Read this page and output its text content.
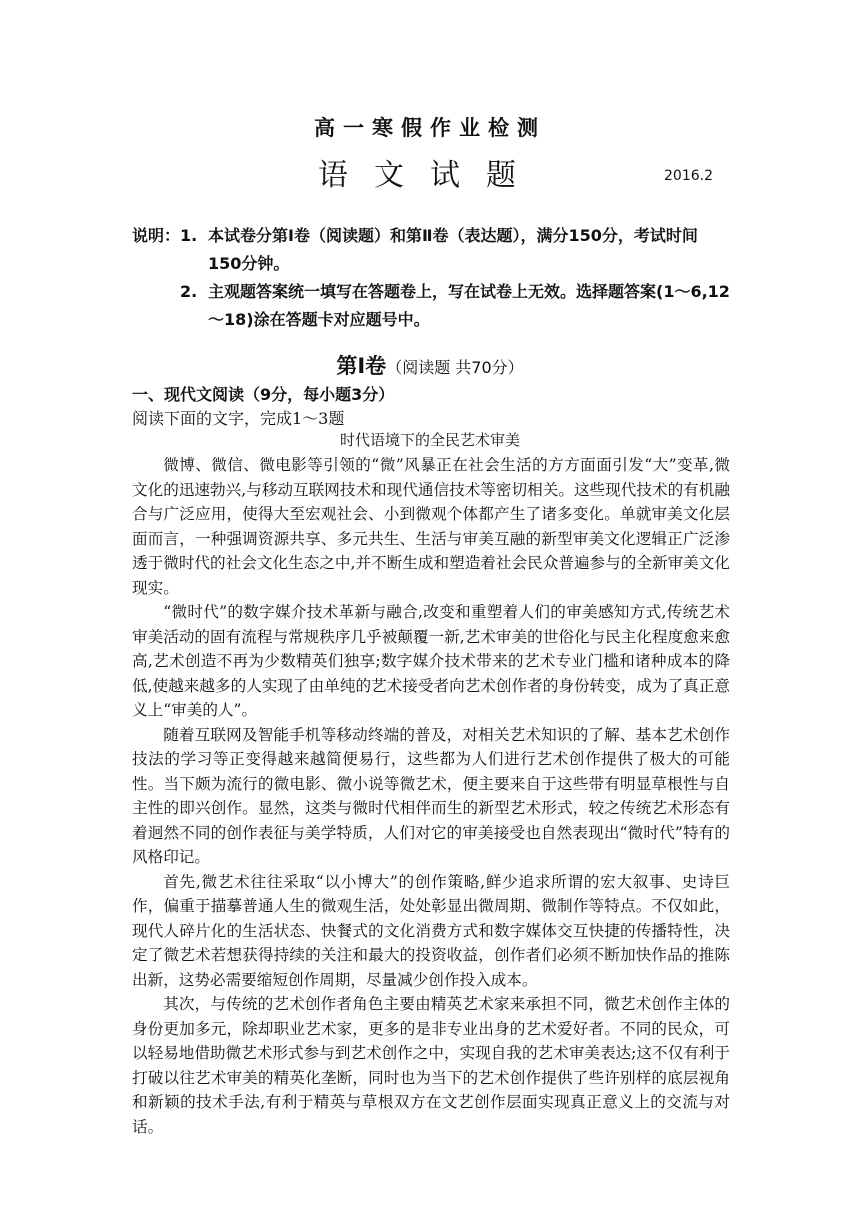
高一寒假作业检测
语文试题	2016.2
说明： 1. 本试卷分第Ⅰ卷（阅读题）和第Ⅱ卷（表达题），满分150分，考试时间150分钟。
2. 主观题答案统一填写在答题卷上，写在试卷上无效。选择题答案(1～6,12～18)涂在答题卡对应题号中。
第Ⅰ卷（阅读题 共70分）
一、现代文阅读（9分，每小题3分）
阅读下面的文字，完成1～3题
时代语境下的全民艺术审美

微博、微信、微电影等引领的“微”风暴正在社会生活的方方面面引发“大”变革,微文化的迅速勃兴,与移动互联网技术和现代通信技术等密切相关。这些现代技术的有机融合与广泛应用，使得大至宏观社会、小到微观个体都产生了诸多变化。单就审美文化层面而言，一种强调资源共享、多元共生、生活与审美互融的新型审美文化逻辑正广泛渗透于微时代的社会文化生态之中,并不断生成和塑造着社会民众普遍参与的全新审美文化现实。

“微时代”的数字媒介技术革新与融合,改变和重塑着人们的审美感知方式,传统艺术审美活动的固有流程与常规秩序几乎被颠覆一新,艺术审美的世俗化与民主化程度愈来愈高,艺术创造不再为少数精英们独享;数字媒介技术带来的艺术专业门槛和诸种成本的降低,使越来越多的人实现了由单纯的艺术接受者向艺术创作者的身份转变，成为了真正意义上“审美的人”。

随着互联网及智能手机等移动终端的普及，对相关艺术知识的了解、基本艺术创作技法的学习等正变得越来越简便易行，这些都为人们进行艺术创作提供了极大的可能性。当下颇为流行的微电影、微小说等微艺术，便主要来自于这些带有明显草根性与自主性的即兴创作。显然，这类与微时代相伴而生的新型艺术形式，较之传统艺术形态有着迥然不同的创作表征与美学特质，人们对它的审美接受也自然表现出“微时代”特有的风格印记。

首先,微艺术往往采取“以小博大”的创作策略,鲜少追求所谓的宏大叙事、史诗巨作，偏重于描摹普通人生的微观生活，处处彰显出微周期、微制作等特点。不仅如此，现代人碎片化的生活状态、快餐式的文化消费方式和数字媒体交互快捷的传播特性，决定了微艺术若想获得持续的关注和最大的投资收益，创作者们必须不断加快作品的推陈出新，这势必需要缩短创作周期，尽量减少创作投入成本。

其次，与传统的艺术创作者角色主要由精英艺术家来承担不同，微艺术创作主体的身份更加多元，除却职业艺术家，更多的是非专业出身的艺术爱好者。不同的民众，可以轻易地借助微艺术形式参与到艺术创作之中，实现自我的艺术审美表达;这不仅有利于打破以往艺术审美的精英化垄断，同时也为当下的艺术创作提供了些许别样的底层视角和新颖的技术手法,有利于精英与草根双方在文艺创作层面实现真正意义上的交流与对话。
